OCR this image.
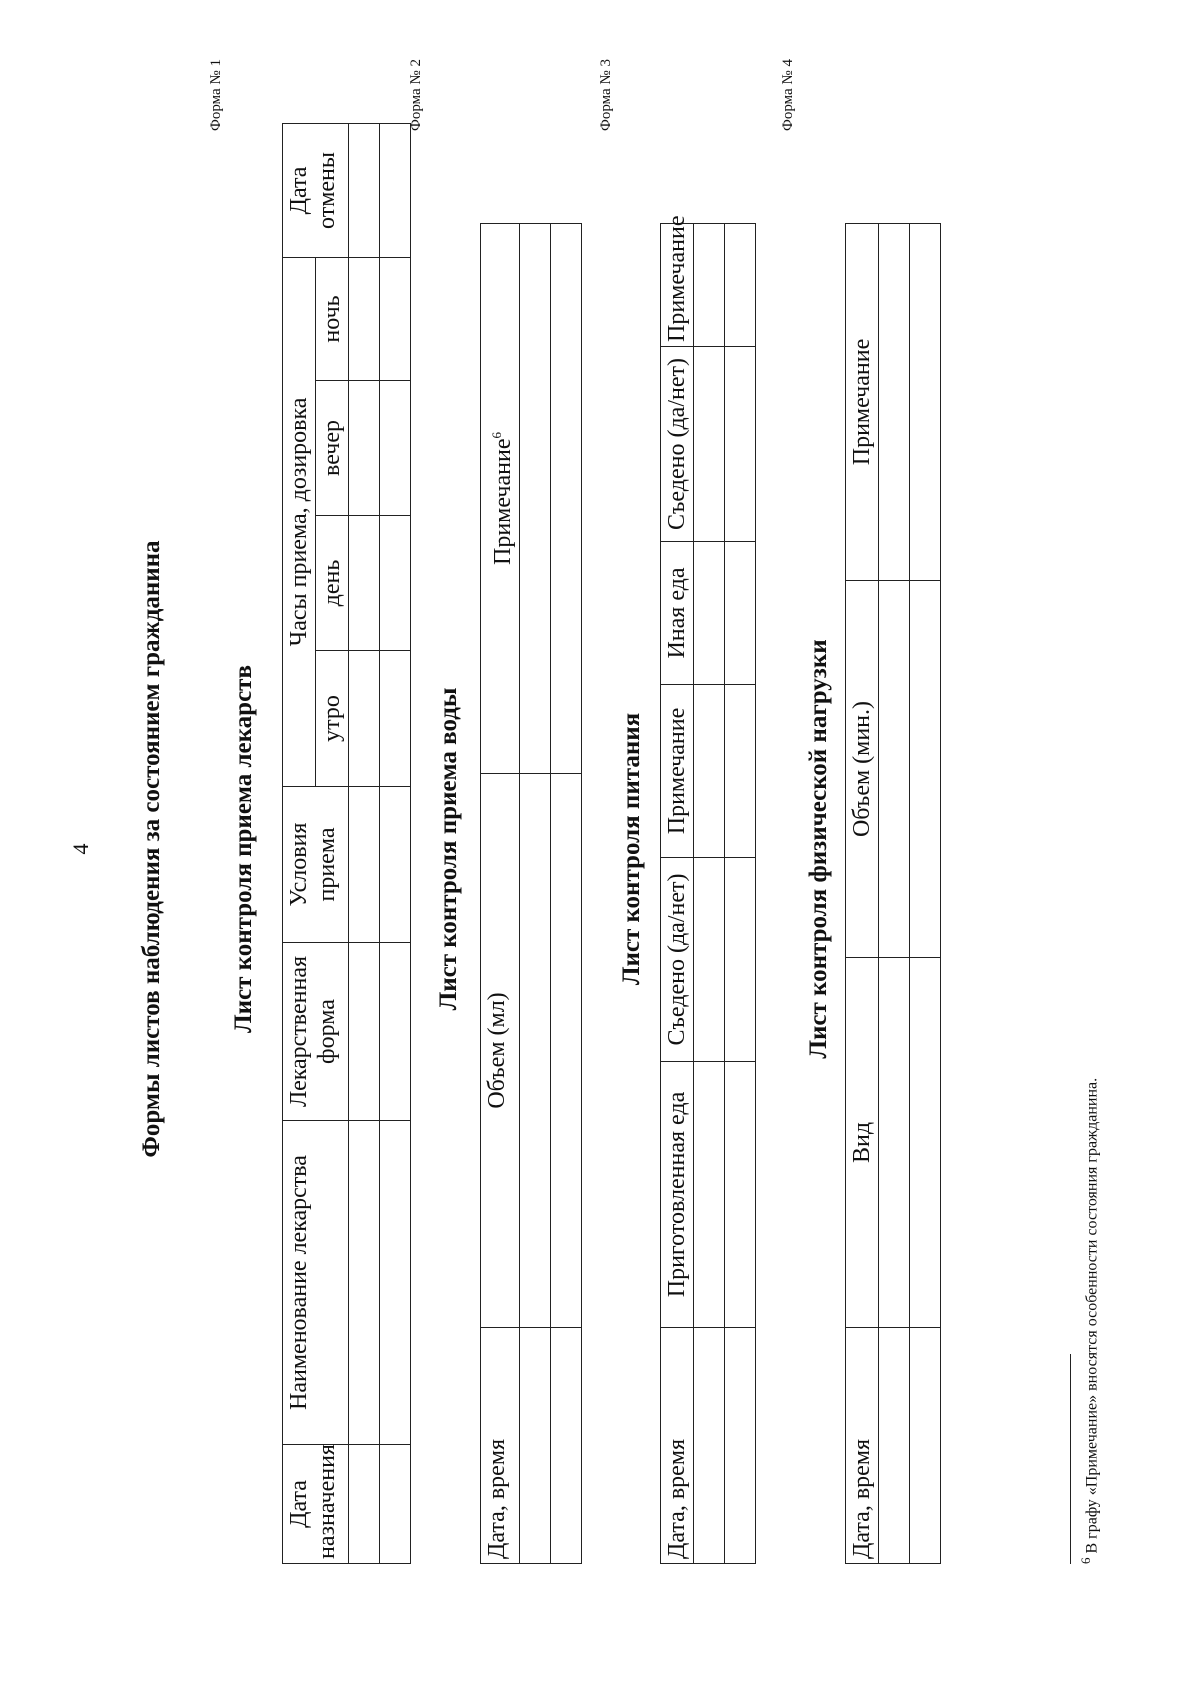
4 Формы листов наблюдения за состоянием гражданина
Форма № 1
Лист контроля приема лекарств
Дата назначения	Наименование лекарства	Лекарственная форма	Условия приема	Часы приема, дозировка				Дата отмены
				утро	день	вечер	ночь	

Форма № 2
Лист контроля приема воды
Дата, время	Объем (мл)	Примечание$^6$

Форма № 3
Лист контроля питания
Дата, время	Приготовленная еда	Съедено (да/нет)	Примечание	Иная еда	Съедено (да/нет)	Примечание

Форма № 4
Лист контроля физической нагрузки
Дата, время	Вид	Объем (мин.)	Примечание

$^6$ В графу «Примечание» вносятся особенности состояния гражданина.
